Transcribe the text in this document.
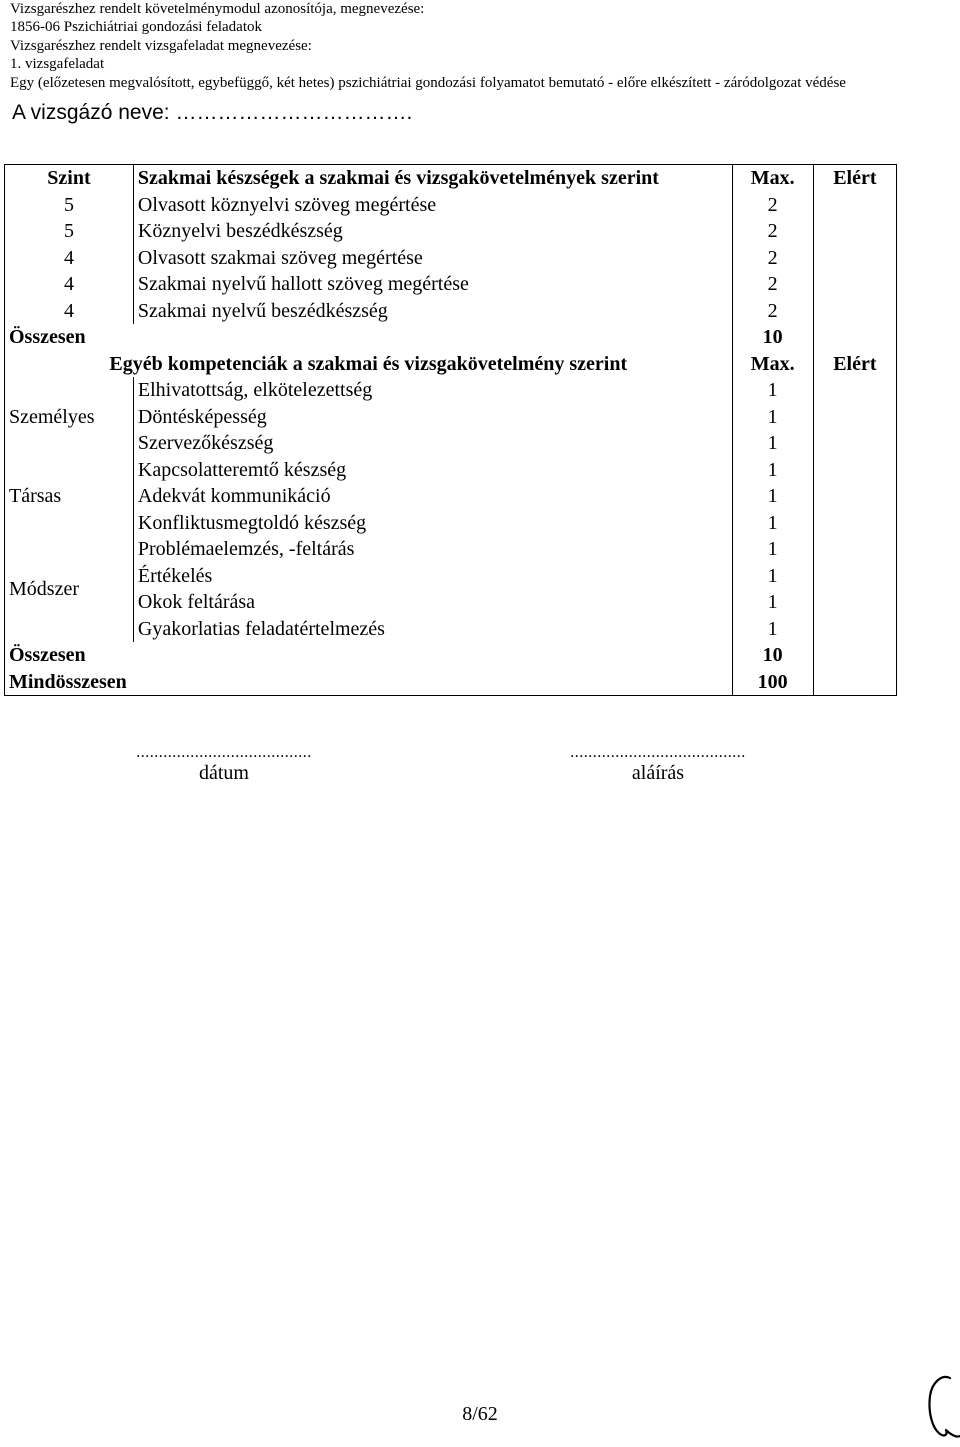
Vizsgarészhez rendelt követelménymodul azonosítója, megnevezése:
1856-06 Pszichiátriai gondozási feladatok
Vizsgarészhez rendelt vizsgafeladat megnevezése:
1. vizsgafeladat
Egy (előzetesen megvalósított, egybefüggő, két hetes) pszichiátriai gondozási folyamatot bemutató - előre elkészített - záródolgozat védése
A vizsgázó neve: …………………………….
Szint	Szakmai készségek a szakmai és vizsgakövetelmények szerint	Max.	Elért
5	Olvasott köznyelvi szöveg megértése	2	
5	Köznyelvi beszédkészség	2	
4	Olvasott szakmai szöveg megértése	2	
4	Szakmai nyelvű hallott szöveg megértése	2	
4	Szakmai nyelvű beszédkészség	2	
Összesen		10	
Egyéb kompetenciák a szakmai és vizsgakövetelmény szerint		Max.	Elért
Személyes	Elhivatottság, elkötelezettség	1	
	Döntésképesség	1	
	Szervezőkészség	1	
Társas	Kapcsolatteremtő készség	1	
	Adekvát kommunikáció	1	
	Konfliktusmegtoldó készség	1	
Módszer	Problémaelemzés, -feltárás	1	
	Értékelés	1	
	Okok feltárása	1	
	Gyakorlatias feladatértelmezés	1	
Összesen		10	
Mindösszesen		100	
.......................................
dátum
.......................................
aláírás
8/62
